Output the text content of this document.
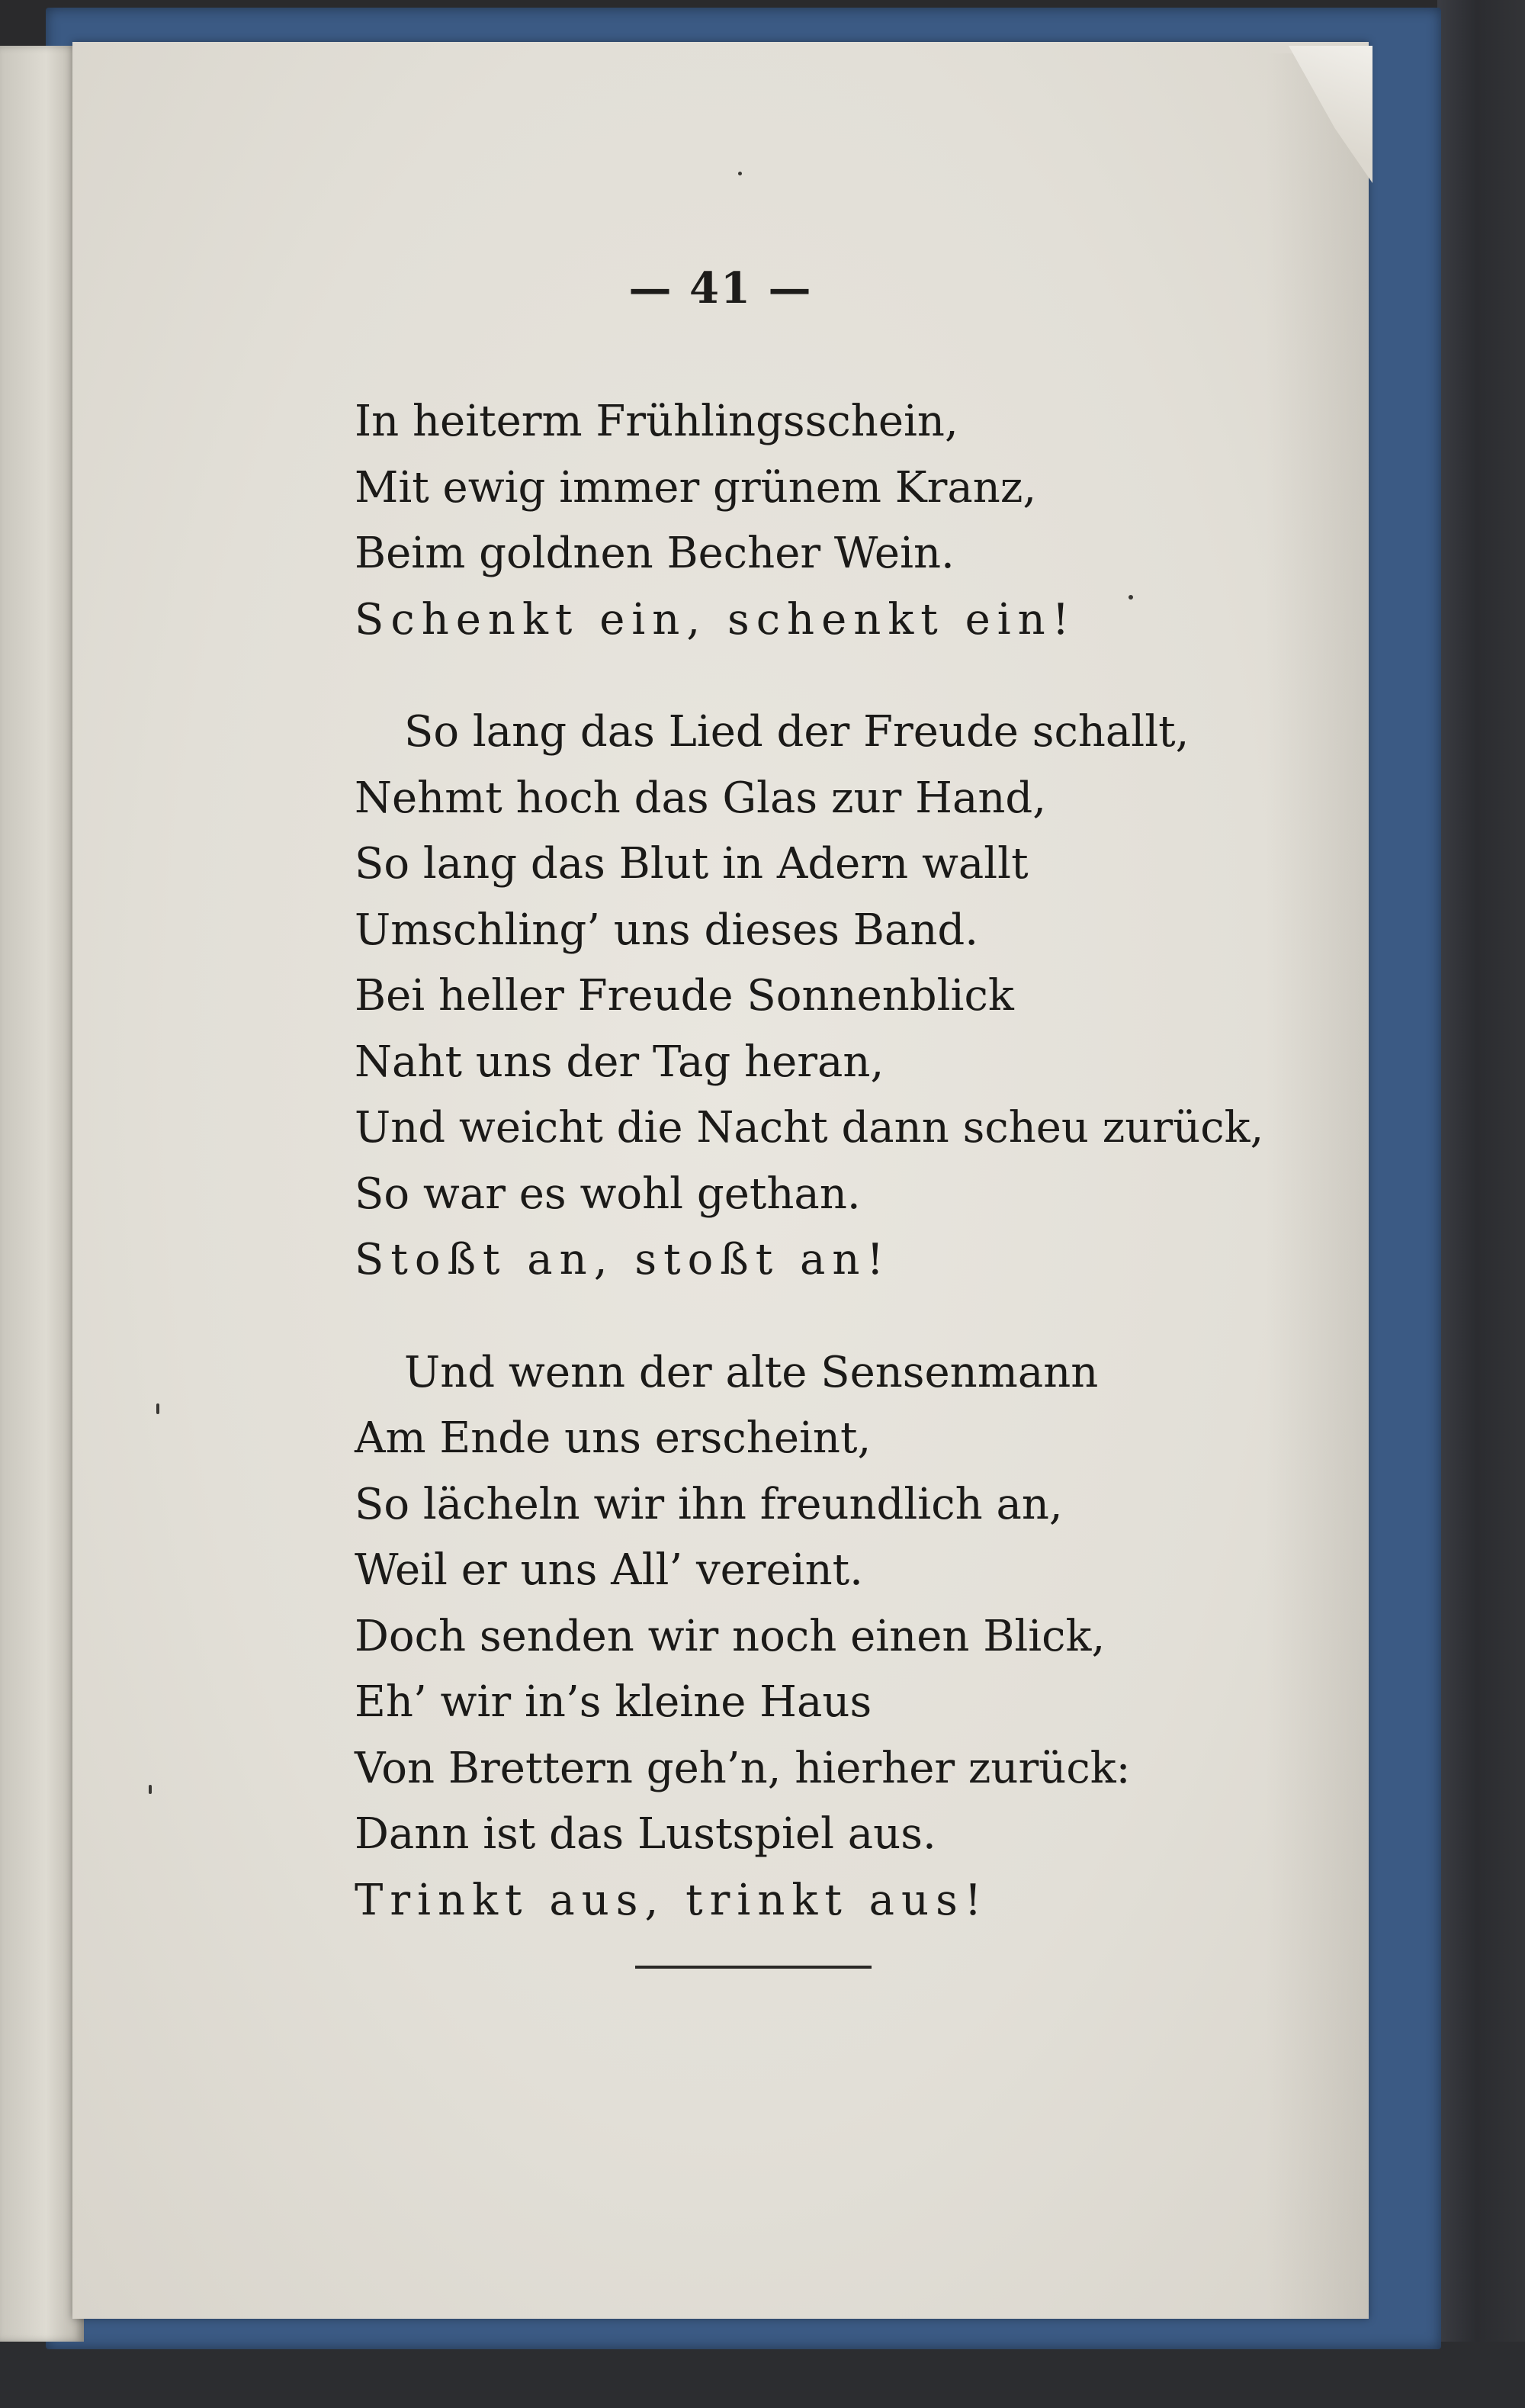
— 41 —
In heiterm Frühlingsschein,
Mit ewig immer grünem Kranz,
Beim goldnen Becher Wein.
Schenkt ein, schenkt ein!
So lang das Lied der Freude schallt,
Nehmt hoch das Glas zur Hand,
So lang das Blut in Adern wallt
Umschling’ uns dieses Band.
Bei heller Freude Sonnenblick
Naht uns der Tag heran,
Und weicht die Nacht dann scheu zurück,
So war es wohl gethan.
Stoßt an, stoßt an!
Und wenn der alte Sensenmann
Am Ende uns erscheint,
So lächeln wir ihn freundlich an,
Weil er uns All’ vereint.
Doch senden wir noch einen Blick,
Eh’ wir in’s kleine Haus
Von Brettern geh’n, hierher zurück:
Dann ist das Lustspiel aus.
Trinkt aus, trinkt aus!
